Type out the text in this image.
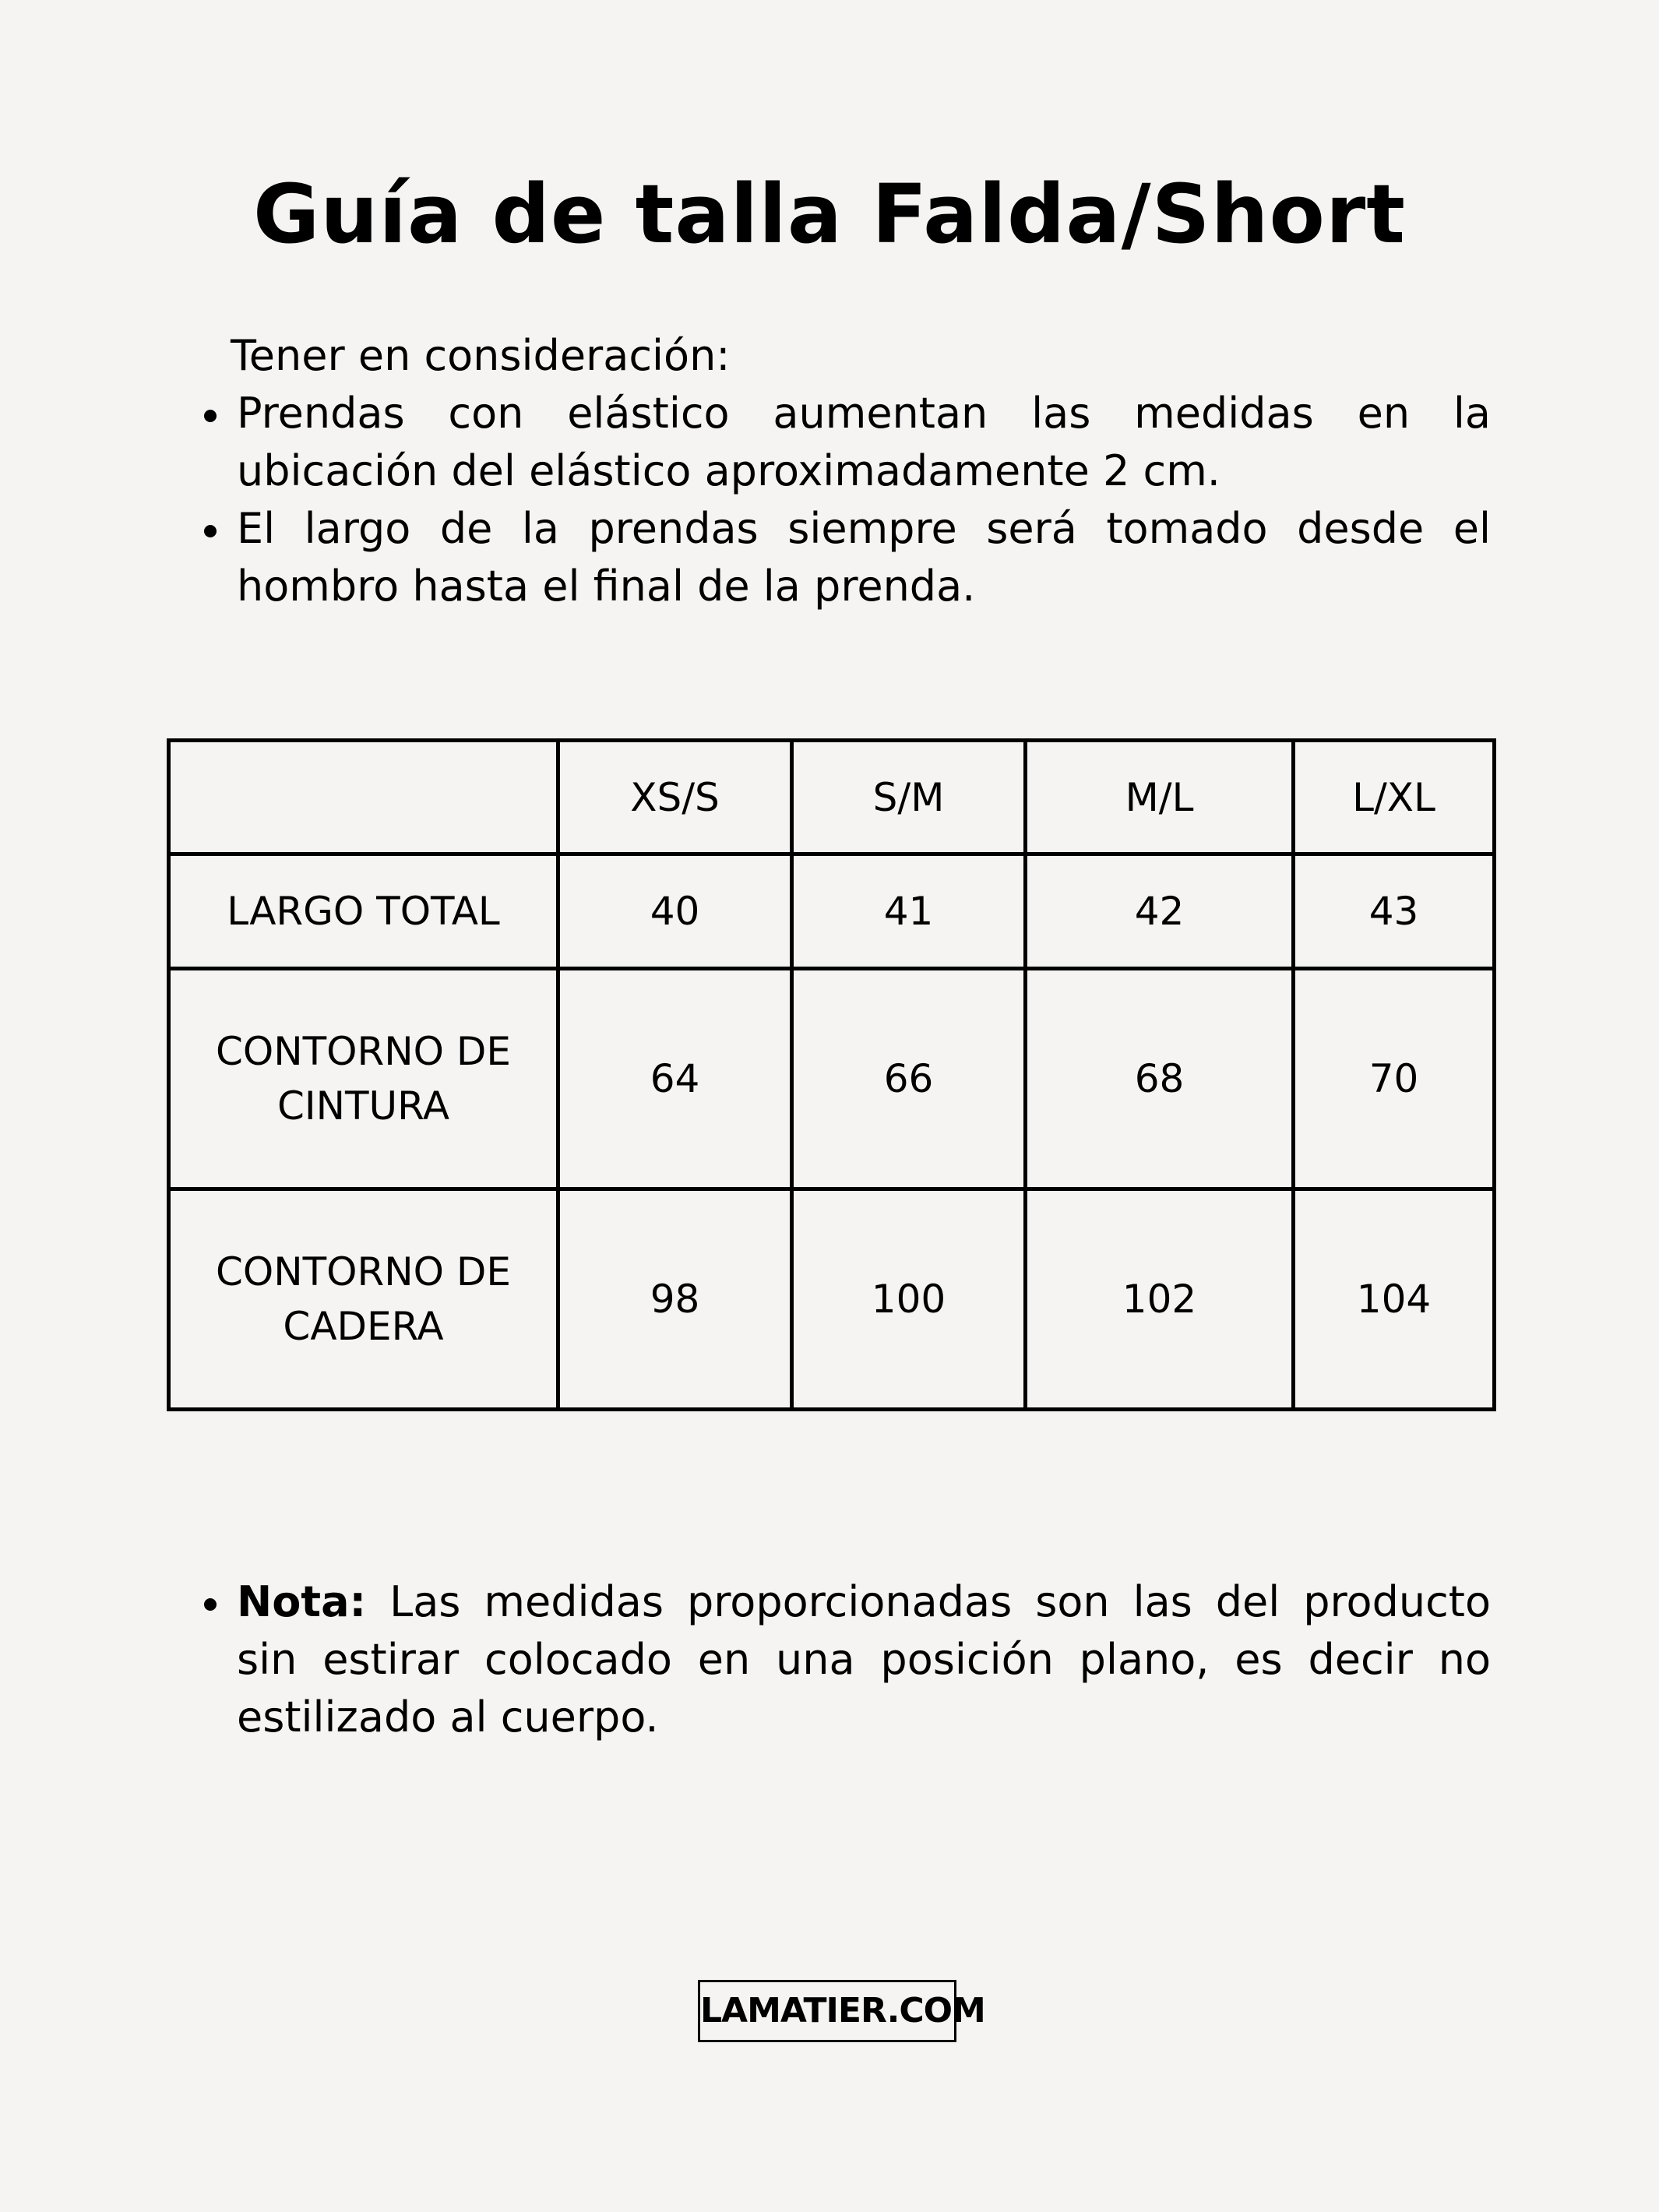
Guía de talla Falda/Short
Tener en consideración:
Prendas con elástico aumentan las medidas en la ubicación del elástico aproximadamente 2 cm.
El largo de la prendas siempre será tomado desde el hombro hasta el final de la prenda.
	XS/S	S/M	M/L	L/XL
LARGO TOTAL	40	41	42	43
CONTORNO DE CINTURA	64	66	68	70
CONTORNO DE CADERA	98	100	102	104
Nota: Las medidas proporcionadas son las del producto sin estirar colocado en una posición plano, es decir no estilizado al cuerpo.
LAMATIER.COM
